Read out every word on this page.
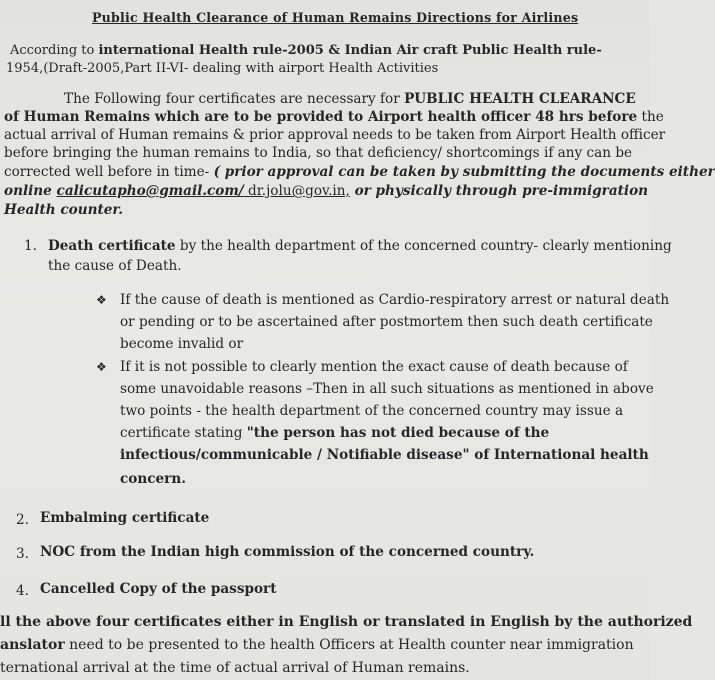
Public Health Clearance of Human Remains Directions for Airlines
According to international Health rule-2005 & Indian Air craft Public Health rule-
1954,(Draft-2005,Part II-VI- dealing with airport Health Activities
The Following four certificates are necessary for PUBLIC HEALTH CLEARANCE
of Human Remains which are to be provided to Airport health officer 48 hrs before the
actual arrival of Human remains & prior approval needs to be taken from Airport Health officer
before bringing the human remains to India, so that deficiency/ shortcomings if any can be
corrected well before in time- ( prior approval can be taken by submitting the documents either
online calicutapho@gmail.com/ dr.jolu@gov.in, or physically through pre-immigration
Health counter.
1. Death certificate by the health department of the concerned country- clearly mentioning
the cause of Death.
❖ If the cause of death is mentioned as Cardio-respiratory arrest or natural death
or pending or to be ascertained after postmortem then such death certificate
become invalid or
❖ If it is not possible to clearly mention the exact cause of death because of
some unavoidable reasons –Then in all such situations as mentioned in above
two points - the health department of the concerned country may issue a
certificate stating "the person has not died because of the
infectious/communicable / Notifiable disease" of International health
concern.
2. Embalming certificate
3. NOC from the Indian high commission of the concerned country.
4. Cancelled Copy of the passport
ll the above four certificates either in English or translated in English by the authorized
anslator need to be presented to the health Officers at Health counter near immigration
ternational arrival at the time of actual arrival of Human remains.
